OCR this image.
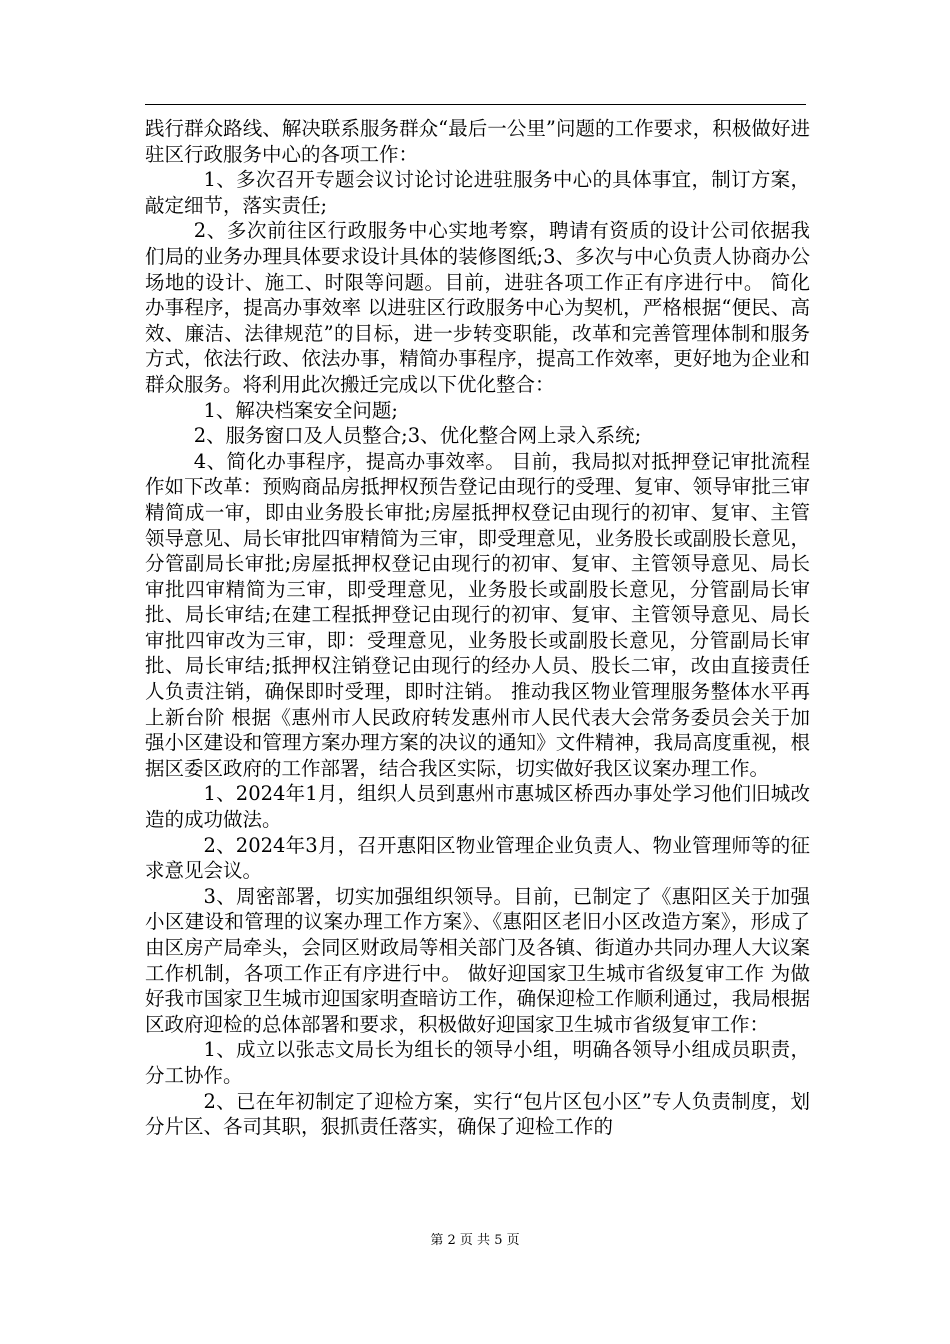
践行群众路线、解决联系服务群众“最后一公里”问题的工作要求，积极做好进驻区行政服务中心的各项工作：

1、多次召开专题会议讨论讨论进驻服务中心的具体事宜，制订方案，敲定细节，落实责任;

2、多次前往区行政服务中心实地考察，聘请有资质的设计公司依据我们局的业务办理具体要求设计具体的装修图纸;3、多次与中心负责人协商办公场地的设计、施工、时限等问题。目前，进驻各项工作正有序进行中。 简化办事程序，提高办事效率 以进驻区行政服务中心为契机，严格根据“便民、高效、廉洁、法律规范”的目标，进一步转变职能，改革和完善管理体制和服务方式，依法行政、依法办事，精简办事程序，提高工作效率，更好地为企业和群众服务。将利用此次搬迁完成以下优化整合：

1、解决档案安全问题;

2、服务窗口及人员整合;3、优化整合网上录入系统;

4、简化办事程序，提高办事效率。 目前，我局拟对抵押登记审批流程作如下改革：预购商品房抵押权预告登记由现行的受理、复审、领导审批三审精简成一审，即由业务股长审批;房屋抵押权登记由现行的初审、复审、主管领导意见、局长审批四审精简为三审，即受理意见，业务股长或副股长意见，分管副局长审批;房屋抵押权登记由现行的初审、复审、主管领导意见、局长审批四审精简为三审，即受理意见，业务股长或副股长意见，分管副局长审批、局长审结;在建工程抵押登记由现行的初审、复审、主管领导意见、局长审批四审改为三审，即：受理意见，业务股长或副股长意见，分管副局长审批、局长审结;抵押权注销登记由现行的经办人员、股长二审，改由直接责任人负责注销，确保即时受理，即时注销。 推动我区物业管理服务整体水平再上新台阶 根据《惠州市人民政府转发惠州市人民代表大会常务委员会关于加强小区建设和管理方案办理方案的决议的通知》文件精神，我局高度重视，根据区委区政府的工作部署，结合我区实际，切实做好我区议案办理工作。

1、2024年1月，组织人员到惠州市惠城区桥西办事处学习他们旧城改造的成功做法。

2、2024年3月，召开惠阳区物业管理企业负责人、物业管理师等的征求意见会议。

3、周密部署，切实加强组织领导。目前，已制定了《惠阳区关于加强小区建设和管理的议案办理工作方案》、《惠阳区老旧小区改造方案》，形成了由区房产局牵头，会同区财政局等相关部门及各镇、街道办共同办理人大议案工作机制，各项工作正有序进行中。 做好迎国家卫生城市省级复审工作 为做好我市国家卫生城市迎国家明查暗访工作，确保迎检工作顺利通过，我局根据区政府迎检的总体部署和要求，积极做好迎国家卫生城市省级复审工作：

1、成立以张志文局长为组长的领导小组，明确各领导小组成员职责，分工协作。

2、已在年初制定了迎检方案，实行“包片区包小区”专人负责制度，划分片区、各司其职，狠抓责任落实，确保了迎检工作的

第 2 页 共 5 页
